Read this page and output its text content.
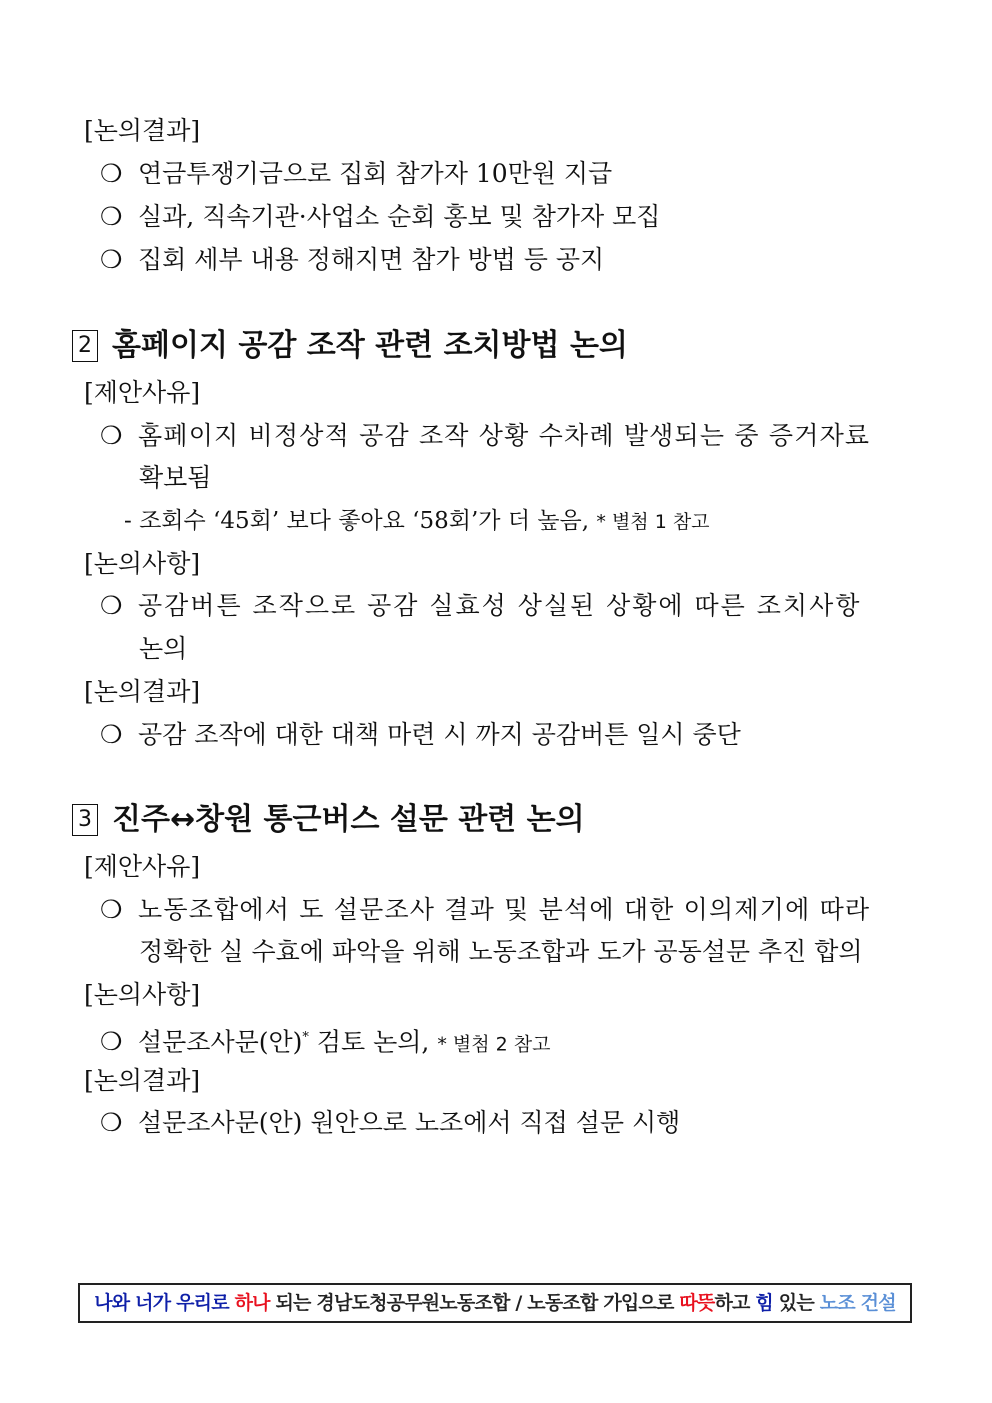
[논의결과]
❍ 연금투쟁기금으로 집회 참가자 10만원 지급
❍ 실과, 직속기관·사업소 순회 홍보 및 참가자 모집
❍ 집회 세부 내용 정해지면 참가 방법 등 공지
2 홈페이지 공감 조작 관련 조치방법 논의
[제안사유]
❍ 홈페이지 비정상적 공감 조작 상황 수차례 발생되는 중 증거자료
확보됨
- 조회수 ‘45회’ 보다 좋아요 ‘58회’가 더 높음, * 별첨 1 참고
[논의사항]
❍ 공감버튼 조작으로 공감 실효성 상실된 상황에 따른 조치사항
논의
[논의결과]
❍ 공감 조작에 대한 대책 마련 시 까지 공감버튼 일시 중단
3 진주↔창원 통근버스 설문 관련 논의
[제안사유]
❍ 노동조합에서 도 설문조사 결과 및 분석에 대한 이의제기에 따라
정확한 실 수효에 파악을 위해 노동조합과 도가 공동설문 추진 합의
[논의사항]
❍ 설문조사문(안)* 검토 논의, * 별첨 2 참고
[논의결과]
❍ 설문조사문(안) 원안으로 노조에서 직접 설문 시행
나와 너가 우리로 하나 되는 경남도청공무원노동조합 / 노동조합 가입으로 따뜻하고 힘 있는 노조 건설
